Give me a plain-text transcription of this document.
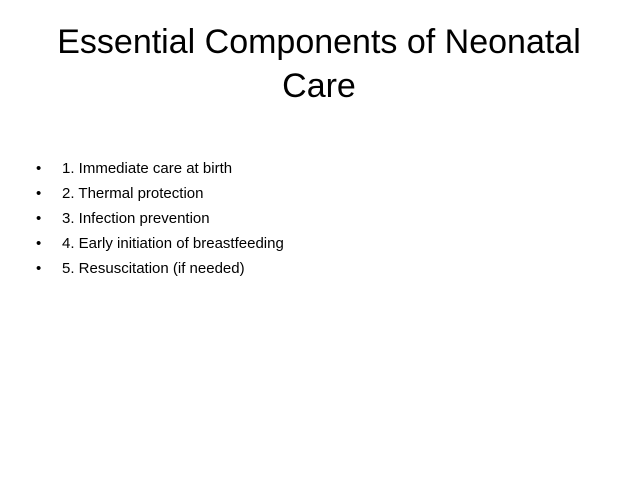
Essential Components of Neonatal Care
• 1. Immediate care at birth
• 2. Thermal protection
• 3. Infection prevention
• 4. Early initiation of breastfeeding
• 5. Resuscitation (if needed)
